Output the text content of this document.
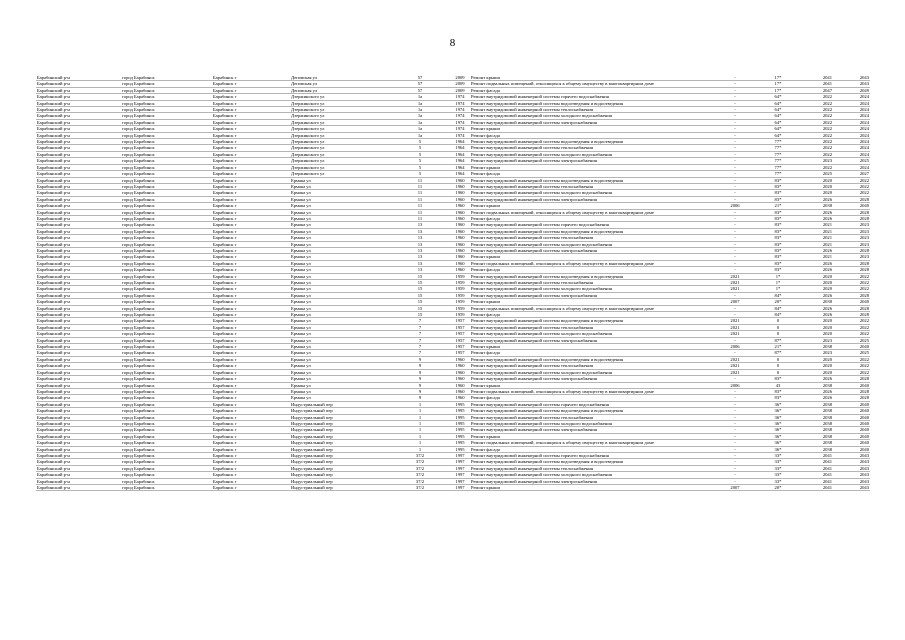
8
Барабинский р-н	город Барабинск	Барабинск г	Деповская ул	57	2009	Ремонт крыши	-	17*	2041	2043
Барабинский р-н	город Барабинск	Барабинск г	Деповская ул	57	2009	Ремонт подвальных помещений, относящихся к общему имуществу в многоквартирном доме	-	17*	2041	2043
Барабинский р-н	город Барабинск	Барабинск г	Деповская ул	57	2009	Ремонт фасада	-	17*	2047	2049
Барабинский р-н	город Барабинск	Барабинск г	Дзержинского ул	1а	1974	Ремонт внутридомовой инженерной системы горячего водоснабжения	-	64*	2022	2024
Барабинский р-н	город Барабинск	Барабинск г	Дзержинского ул	1а	1974	Ремонт внутридомовой инженерной системы водоотведения и водоотведения	-	64*	2022	2024
Барабинский р-н	город Барабинск	Барабинск г	Дзержинского ул	1а	1974	Ремонт внутридомовой инженерной системы теплоснабжения	-	64*	2022	2024
Барабинский р-н	город Барабинск	Барабинск г	Дзержинского ул	1а	1974	Ремонт внутридомовой инженерной системы холодного водоснабжения	-	64*	2022	2024
Барабинский р-н	город Барабинск	Барабинск г	Дзержинского ул	1а	1974	Ремонт внутридомовой инженерной системы электроснабжения	-	64*	2022	2024
Барабинский р-н	город Барабинск	Барабинск г	Дзержинского ул	1а	1974	Ремонт крыши	-	64*	2022	2024
Барабинский р-н	город Барабинск	Барабинск г	Дзержинского ул	1а	1974	Ремонт фасада	-	64*	2022	2024
Барабинский р-н	город Барабинск	Барабинск г	Дзержинского ул	5	1964	Ремонт внутридомовой инженерной системы водоотведения и водоотведения	-	77*	2022	2024
Барабинский р-н	город Барабинск	Барабинск г	Дзержинского ул	5	1964	Ремонт внутридомовой инженерной системы теплоснабжения	-	77*	2022	2024
Барабинский р-н	город Барабинск	Барабинск г	Дзержинского ул	5	1964	Ремонт внутридомовой инженерной системы холодного водоснабжения	-	77*	2022	2024
Барабинский р-н	город Барабинск	Барабинск г	Дзержинского ул	5	1964	Ремонт внутридомовой инженерной системы электроснабжения	-	77*	2023	2025
Барабинский р-н	город Барабинск	Барабинск г	Дзержинского ул	5	1964	Ремонт крыши	-	77*	2022	2024
Барабинский р-н	город Барабинск	Барабинск г	Дзержинского ул	5	1964	Ремонт фасада	-	77*	2025	2027
Барабинский р-н	город Барабинск	Барабинск г	Ермака ул	11	1960	Ремонт внутридомовой инженерной системы водоотведения и водоотведения	-	83*	2020	2022
Барабинский р-н	город Барабинск	Барабинск г	Ермака ул	11	1960	Ремонт внутридомовой инженерной системы теплоснабжения	-	83*	2020	2022
Барабинский р-н	город Барабинск	Барабинск г	Ермака ул	11	1960	Ремонт внутридомовой инженерной системы холодного водоснабжения	-	83*	2020	2022
Барабинский р-н	город Барабинск	Барабинск г	Ермака ул	11	1960	Ремонт внутридомовой инженерной системы электроснабжения	-	83*	2026	2028
Барабинский р-н	город Барабинск	Барабинск г	Ермака ул	11	1960	Ремонт крыши	2006	21*	2038	2040
Барабинский р-н	город Барабинск	Барабинск г	Ермака ул	11	1960	Ремонт подвальных помещений, относящихся к общему имуществу в многоквартирном доме	-	83*	2026	2028
Барабинский р-н	город Барабинск	Барабинск г	Ермака ул	11	1960	Ремонт фасада	-	83*	2026	2028
Барабинский р-н	город Барабинск	Барабинск г	Ермака ул	13	1960	Ремонт внутридомовой инженерной системы горячего водоснабжения	-	83*	2021	2023
Барабинский р-н	город Барабинск	Барабинск г	Ермака ул	13	1960	Ремонт внутридомовой инженерной системы водоотведения и водоотведения	-	83*	2021	2023
Барабинский р-н	город Барабинск	Барабинск г	Ермака ул	13	1960	Ремонт внутридомовой инженерной системы теплоснабжения	-	83*	2021	2023
Барабинский р-н	город Барабинск	Барабинск г	Ермака ул	13	1960	Ремонт внутридомовой инженерной системы холодного водоснабжения	-	83*	2021	2023
Барабинский р-н	город Барабинск	Барабинск г	Ермака ул	13	1960	Ремонт внутридомовой инженерной системы электроснабжения	-	83*	2026	2028
Барабинский р-н	город Барабинск	Барабинск г	Ермака ул	13	1960	Ремонт крыши	-	83*	2021	2023
Барабинский р-н	город Барабинск	Барабинск г	Ермака ул	13	1960	Ремонт подвальных помещений, относящихся к общему имуществу в многоквартирном доме	-	83*	2026	2028
Барабинский р-н	город Барабинск	Барабинск г	Ермака ул	13	1960	Ремонт фасада	-	83*	2026	2028
Барабинский р-н	город Барабинск	Барабинск г	Ермака ул	15	1959	Ремонт внутридомовой инженерной системы водоотведения и водоотведения	2021	1*	2020	2022
Барабинский р-н	город Барабинск	Барабинск г	Ермака ул	15	1959	Ремонт внутридомовой инженерной системы теплоснабжения	2021	1*	2020	2022
Барабинский р-н	город Барабинск	Барабинск г	Ермака ул	15	1959	Ремонт внутридомовой инженерной системы холодного водоснабжения	2021	1*	2020	2022
Барабинский р-н	город Барабинск	Барабинск г	Ермака ул	15	1959	Ремонт внутридомовой инженерной системы электроснабжения	-	84*	2026	2028
Барабинский р-н	город Барабинск	Барабинск г	Ермака ул	15	1959	Ремонт крыши	2007	20*	2038	2040
Барабинский р-н	город Барабинск	Барабинск г	Ермака ул	15	1959	Ремонт подвальных помещений, относящихся к общему имуществу в многоквартирном доме	-	84*	2026	2028
Барабинский р-н	город Барабинск	Барабинск г	Ермака ул	15	1959	Ремонт фасада	-	84*	2026	2028
Барабинский р-н	город Барабинск	Барабинск г	Ермака ул	7	1957	Ремонт внутридомовой инженерной системы водоотведения и водоотведения	2021	0	2020	2022
Барабинский р-н	город Барабинск	Барабинск г	Ермака ул	7	1957	Ремонт внутридомовой инженерной системы теплоснабжения	2021	0	2020	2022
Барабинский р-н	город Барабинск	Барабинск г	Ермака ул	7	1957	Ремонт внутридомовой инженерной системы холодного водоснабжения	2021	0	2020	2022
Барабинский р-н	город Барабинск	Барабинск г	Ермака ул	7	1957	Ремонт внутридомовой инженерной системы электроснабжения	-	87*	2023	2025
Барабинский р-н	город Барабинск	Барабинск г	Ермака ул	7	1957	Ремонт крыши	2006	21*	2038	2040
Барабинский р-н	город Барабинск	Барабинск г	Ермака ул	7	1957	Ремонт фасада	-	87*	2023	2025
Барабинский р-н	город Барабинск	Барабинск г	Ермака ул	9	1960	Ремонт внутридомовой инженерной системы водоотведения и водоотведения	2021	0	2020	2022
Барабинский р-н	город Барабинск	Барабинск г	Ермака ул	9	1960	Ремонт внутридомовой инженерной системы теплоснабжения	2021	0	2020	2022
Барабинский р-н	город Барабинск	Барабинск г	Ермака ул	9	1960	Ремонт внутридомовой инженерной системы холодного водоснабжения	2021	0	2020	2022
Барабинский р-н	город Барабинск	Барабинск г	Ермака ул	9	1960	Ремонт внутридомовой инженерной системы электроснабжения	-	83*	2026	2028
Барабинский р-н	город Барабинск	Барабинск г	Ермака ул	9	1960	Ремонт крыши	2006	43	2038	2040
Барабинский р-н	город Барабинск	Барабинск г	Ермака ул	9	1960	Ремонт подвальных помещений, относящихся к общему имуществу в многоквартирном доме	-	83*	2026	2028
Барабинский р-н	город Барабинск	Барабинск г	Ермака ул	9	1960	Ремонт фасада	-	83*	2026	2028
Барабинский р-н	город Барабинск	Барабинск г	Индустриальный пер	1	1995	Ремонт внутридомовой инженерной системы горячего водоснабжения	-	36*	2038	2040
Барабинский р-н	город Барабинск	Барабинск г	Индустриальный пер	1	1995	Ремонт внутридомовой инженерной системы водоотведения и водоотведения	-	36*	2038	2040
Барабинский р-н	город Барабинск	Барабинск г	Индустриальный пер	1	1995	Ремонт внутридомовой инженерной системы теплоснабжения	-	36*	2038	2040
Барабинский р-н	город Барабинск	Барабинск г	Индустриальный пер	1	1995	Ремонт внутридомовой инженерной системы холодного водоснабжения	-	36*	2038	2040
Барабинский р-н	город Барабинск	Барабинск г	Индустриальный пер	1	1995	Ремонт внутридомовой инженерной системы электроснабжения	-	36*	2038	2040
Барабинский р-н	город Барабинск	Барабинск г	Индустриальный пер	1	1995	Ремонт крыши	-	36*	2038	2040
Барабинский р-н	город Барабинск	Барабинск г	Индустриальный пер	1	1995	Ремонт подвальных помещений, относящихся к общему имуществу в многоквартирном доме	-	36*	2038	2040
Барабинский р-н	город Барабинск	Барабинск г	Индустриальный пер	1	1995	Ремонт фасада	-	36*	2038	2040
Барабинский р-н	город Барабинск	Барабинск г	Индустриальный пер	37/2	1997	Ремонт внутридомовой инженерной системы горячего водоснабжения	-	33*	2041	2043
Барабинский р-н	город Барабинск	Барабинск г	Индустриальный пер	37/2	1997	Ремонт внутридомовой инженерной системы водоотведения и водоотведения	-	33*	2041	2043
Барабинский р-н	город Барабинск	Барабинск г	Индустриальный пер	37/2	1997	Ремонт внутридомовой инженерной системы теплоснабжения	-	33*	2041	2043
Барабинский р-н	город Барабинск	Барабинск г	Индустриальный пер	37/2	1997	Ремонт внутридомовой инженерной системы холодного водоснабжения	-	33*	2041	2043
Барабинский р-н	город Барабинск	Барабинск г	Индустриальный пер	37/2	1997	Ремонт внутридомовой инженерной системы электроснабжения	-	33*	2041	2043
Барабинский р-н	город Барабинск	Барабинск г	Индустриальный пер	37/2	1997	Ремонт крыши	2007	20*	2041	2043
